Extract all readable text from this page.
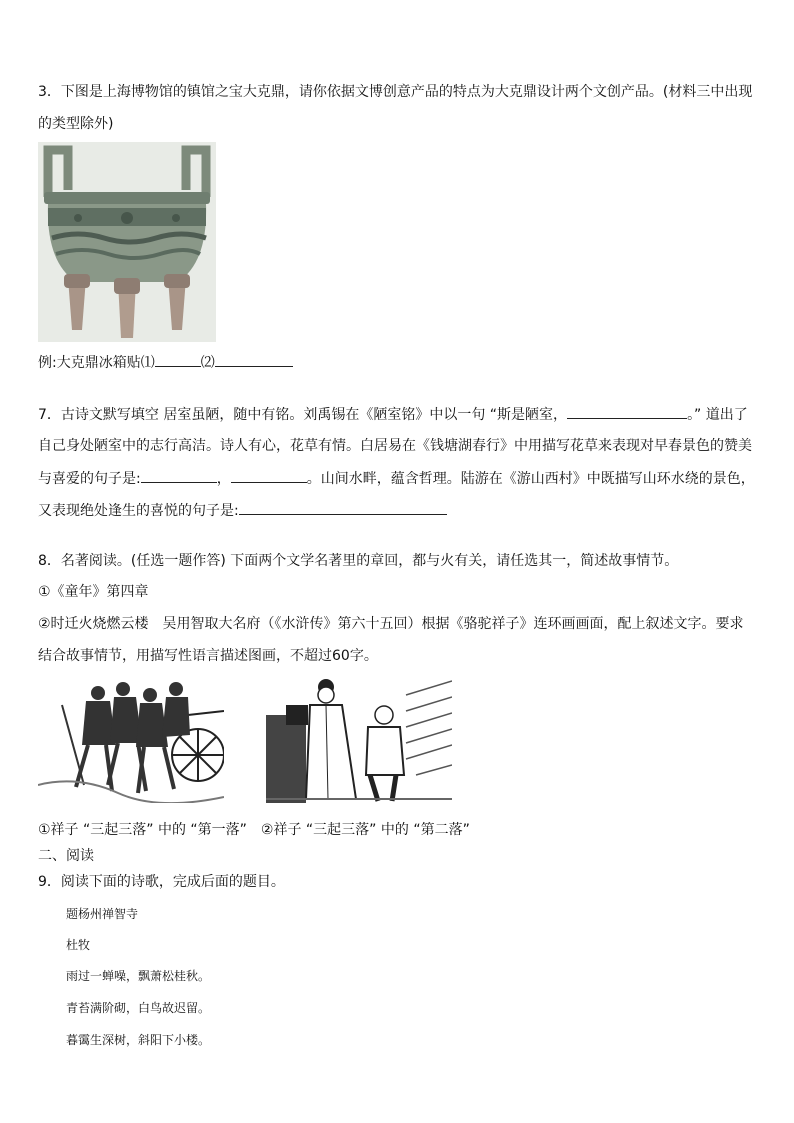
3．下图是上海博物馆的镇馆之宝大克鼎，请你依据文博创意产品的特点为大克鼎设计两个文创产品。(材料三中出现
的类型除外)
例:大克鼎冰箱贴⑴	⑵
7．古诗文默写填空 居室虽陋，随中有铭。刘禹锡在《陋室铭》中以一句 “斯是陋室，	。” 道出了
自己身处陋室中的志行高洁。诗人有心，花草有情。白居易在《钱塘湖春行》中用描写花草来表现对早春景色的赞美
与喜爱的句子是:	，	。山间水畔，蕴含哲理。陆游在《游山西村》中既描写山环水绕的景色，
又表现绝处逢生的喜悦的句子是:
8．名著阅读。(任选一题作答) 下面两个文学名著里的章回，都与火有关，请任选其一，简述故事情节。
①《童年》第四章
②时迁火烧燃云楼　吴用智取大名府（《水浒传》第六十五回）根据《骆驼祥子》连环画画面，配上叙述文字。要求
结合故事情节，用描写性语言描述图画，不超过60字。
①祥子 “三起三落” 中的 “第一落”　②祥子 “三起三落” 中的 “第二落”
二、阅读
9．阅读下面的诗歌，完成后面的题目。
题杨州禅智寺
杜牧
雨过一蝉噪，飘萧松桂秋。
青苔满阶砌，白鸟故迟留。
暮霭生深树，斜阳下小楼。
